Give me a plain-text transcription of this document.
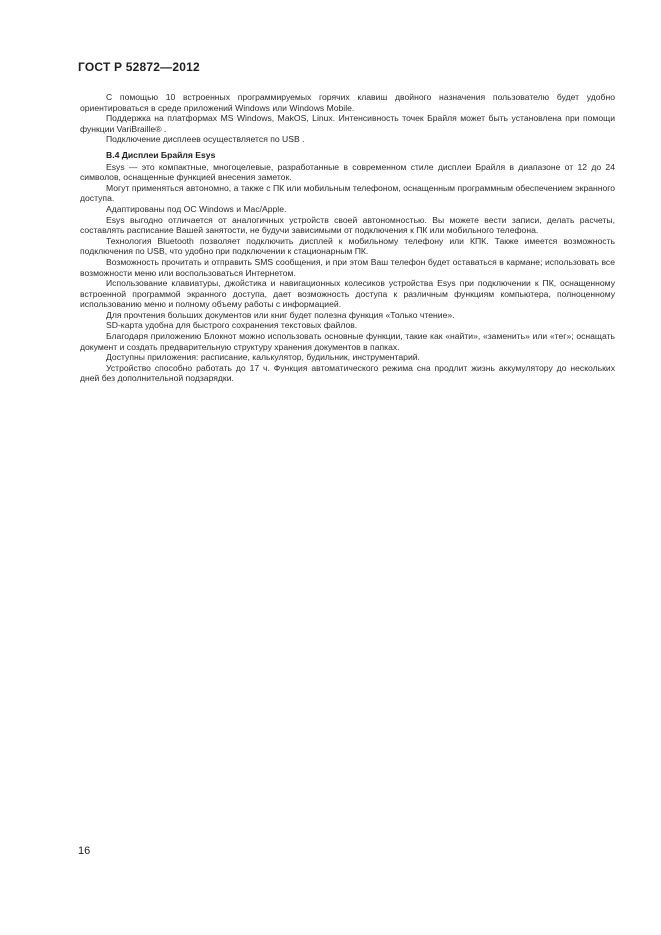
ГОСТ Р 52872—2012

С помощью 10 встроенных программируемых горячих клавиш двойного назначения пользователю будет удобно ориентироваться в среде приложений Windows или Windows Mobile.

Поддержка на платформах MS Windows, MakOS, Linux. Интенсивность точек Брайля может быть установлена при помощи функции VariBraille® .

Подключение дисплеев осуществляется по USB .

В.4 Дисплеи Брайля Esys

Esys — это компактные, многоцелевые, разработанные в современном стиле дисплеи Брайля в диапазоне от 12 до 24 символов, оснащенные функцией внесения заметок.

Могут применяться автономно, а также с ПК или мобильным телефоном, оснащенным программным обеспечением экранного доступа.

Адаптированы под ОС Windows и Mac/Apple.

Esys выгодно отличается от аналогичных устройств своей автономностью. Вы можете вести записи, делать расчеты, составлять расписание Вашей занятости, не будучи зависимыми от подключения к ПК или мобильного телефона.

Технология Bluetooth позволяет подключить дисплей к мобильному телефону или КПК. Также имеется возможность подключения по USB, что удобно при подключении к стационарным ПК.

Возможность прочитать и отправить SMS сообщения, и при этом Ваш телефон будет оставаться в кармане; использовать все возможности меню или воспользоваться Интернетом.

Использование клавиатуры, джойстика и навигационных колесиков устройства Esys при подключении к ПК, оснащенному встроенной программой экранного доступа, дает возможность доступа к различным функциям компьютера, полноценному использованию меню и полному объему работы с информацией.

Для прочтения больших документов или книг будет полезна функция «Только чтение».

SD-карта удобна для быстрого сохранения текстовых файлов.

Благодаря приложению Блокнот можно использовать основные функции, такие как «найти», «заменить» или «тег»; оснащать документ и создать предварительную структуру хранения документов в папках.

Доступны приложения: расписание, калькулятор, будильник, инструментарий.

Устройство способно работать до 17 ч. Функция автоматического режима сна продлит жизнь аккумулятору до нескольких дней без дополнительной подзарядки.

16
